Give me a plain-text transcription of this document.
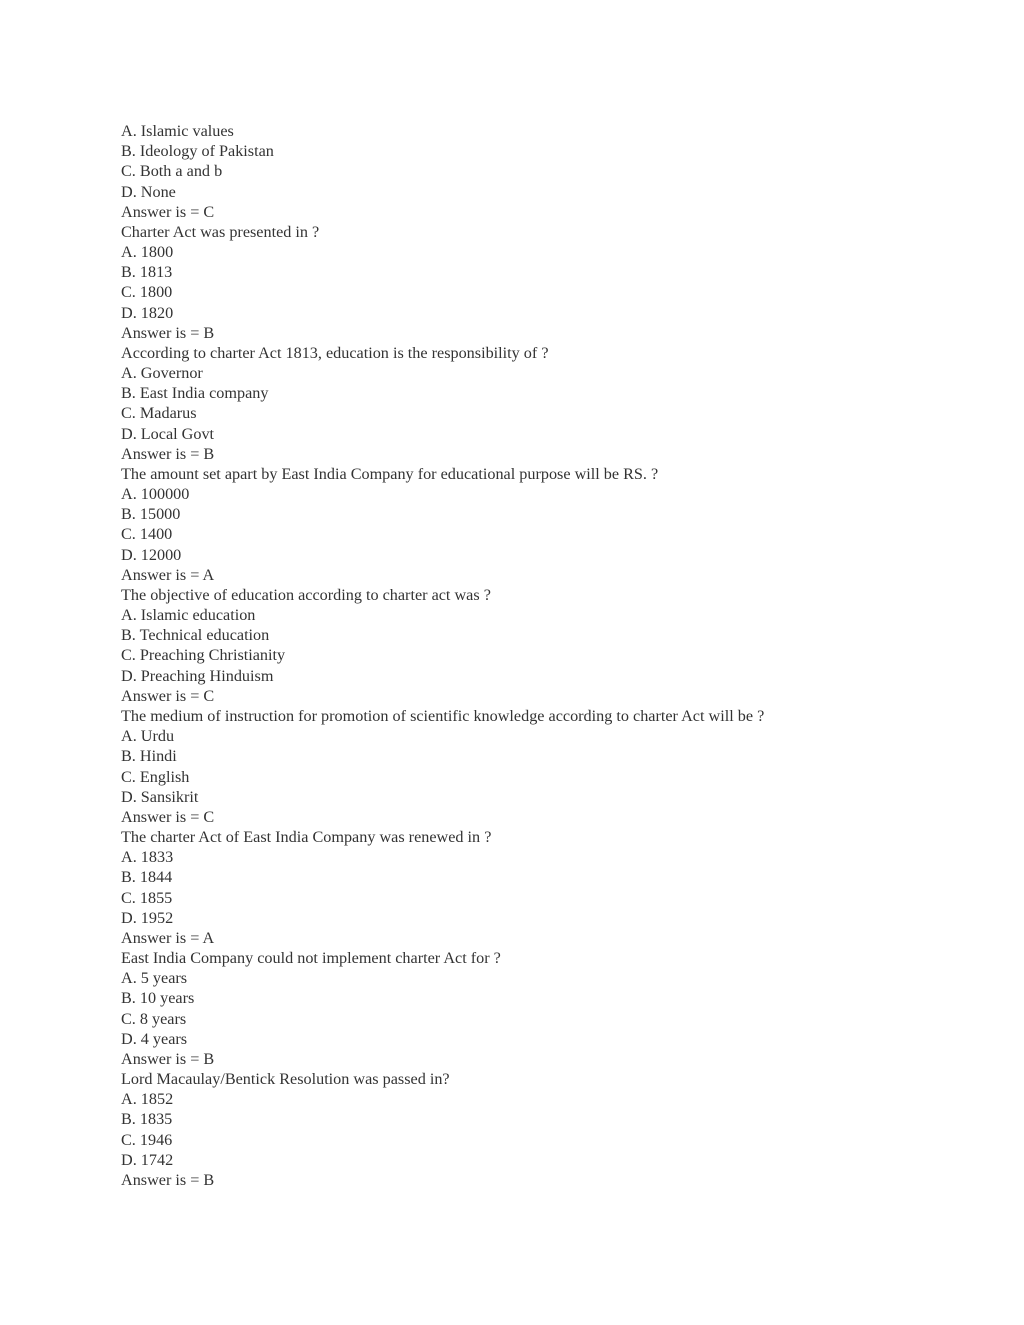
A. Islamic values
B. Ideology of Pakistan
C. Both a and b
D. None
Answer is = C
Charter Act was presented in ?
A. 1800
B. 1813
C. 1800
D. 1820
Answer is = B
According to charter Act 1813, education is the responsibility of ?
A. Governor
B. East India company
C. Madarus
D. Local Govt
Answer is = B
The amount set apart by East India Company for educational purpose will be RS. ?
A. 100000
B. 15000
C. 1400
D. 12000
Answer is = A
The objective of education according to charter act was ?
A. Islamic education
B. Technical education
C. Preaching Christianity
D. Preaching Hinduism
Answer is = C
The medium of instruction for promotion of scientific knowledge according to charter Act will be ?
A. Urdu
B. Hindi
C. English
D. Sansikrit
Answer is = C
The charter Act of East India Company was renewed in ?
A. 1833
B. 1844
C. 1855
D. 1952
Answer is = A
East India Company could not implement charter Act for ?
A. 5 years
B. 10 years
C. 8 years
D. 4 years
Answer is = B
Lord Macaulay/Bentick Resolution was passed in?
A. 1852
B. 1835
C. 1946
D. 1742
Answer is = B
